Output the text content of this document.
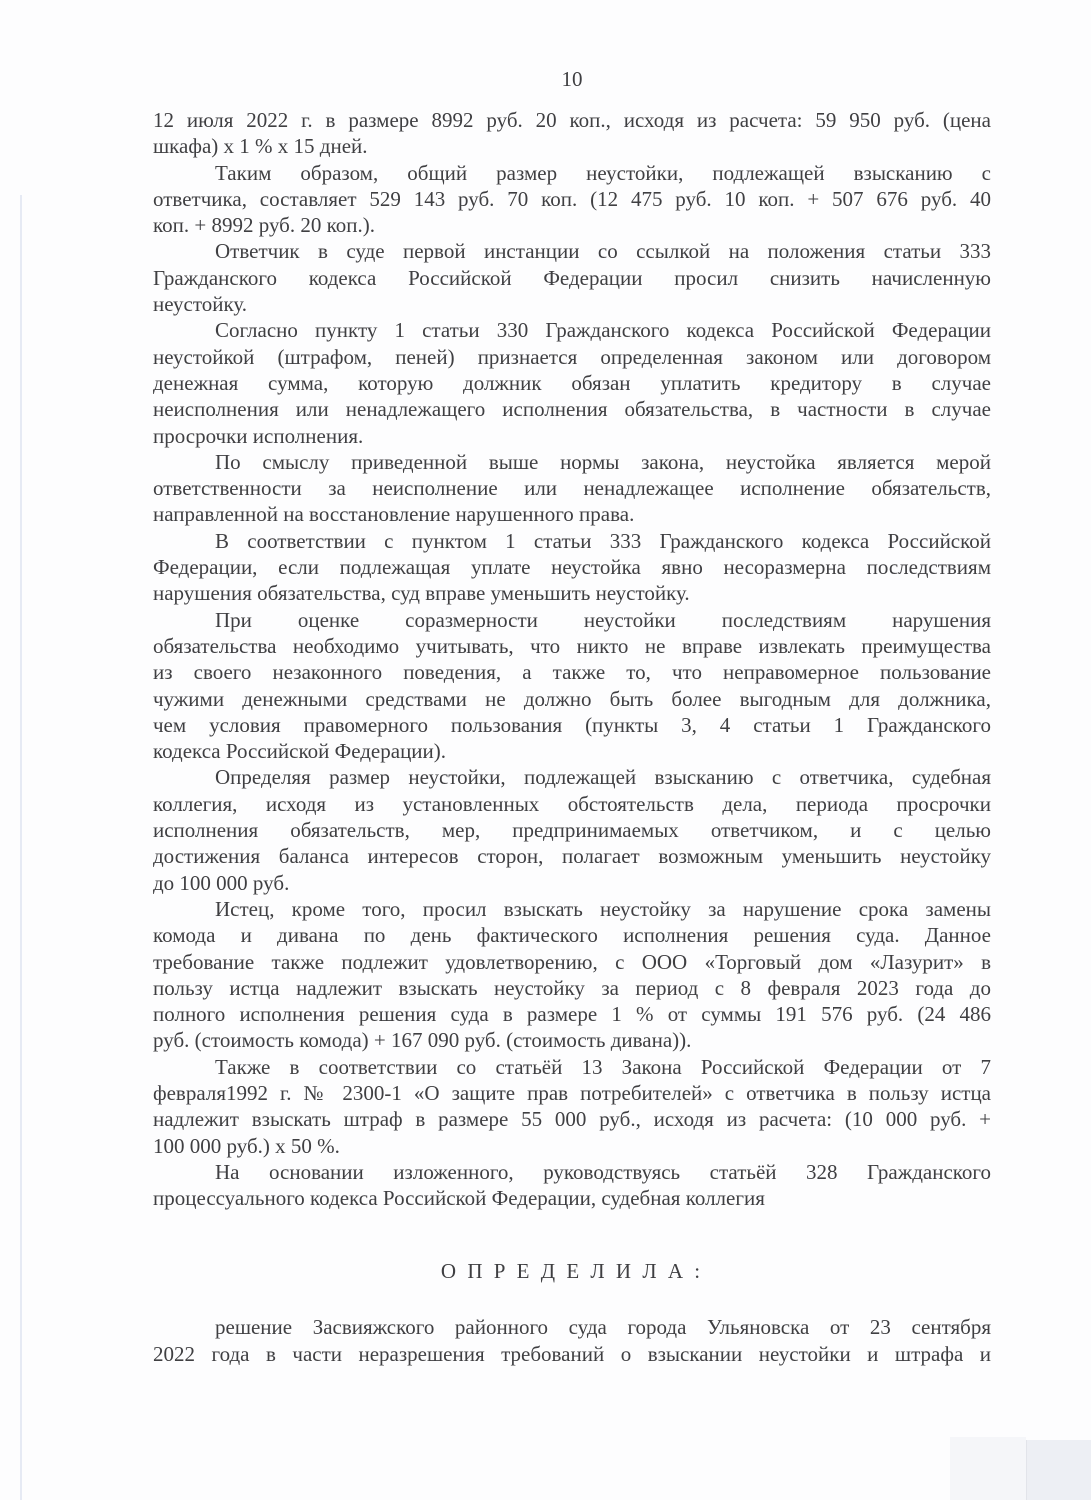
10
12 июля 2022 г. в размере 8992 руб. 20 коп., исходя из расчета: 59 950 руб. (цена
шкафа) х 1 % х 15 дней.
Таким образом, общий размер неустойки, подлежащей взысканию с
ответчика, составляет 529 143 руб. 70 коп. (12 475 руб. 10 коп. + 507 676 руб. 40
коп. + 8992 руб. 20 коп.).
Ответчик в суде первой инстанции со ссылкой на положения статьи 333
Гражданского кодекса Российской Федерации просил снизить начисленную
неустойку.
Согласно пункту 1 статьи 330 Гражданского кодекса Российской Федерации
неустойкой (штрафом, пеней) признается определенная законом или договором
денежная сумма, которую должник обязан уплатить кредитору в случае
неисполнения или ненадлежащего исполнения обязательства, в частности в случае
просрочки исполнения.
По смыслу приведенной выше нормы закона, неустойка является мерой
ответственности за неисполнение или ненадлежащее исполнение обязательств,
направленной на восстановление нарушенного права.
В соответствии с пунктом 1 статьи 333 Гражданского кодекса Российской
Федерации, если подлежащая уплате неустойка явно несоразмерна последствиям
нарушения обязательства, суд вправе уменьшить неустойку.
При оценке соразмерности неустойки последствиям нарушения
обязательства необходимо учитывать, что никто не вправе извлекать преимущества
из своего незаконного поведения, а также то, что неправомерное пользование
чужими денежными средствами не должно быть более выгодным для должника,
чем условия правомерного пользования (пункты 3, 4 статьи 1 Гражданского
кодекса Российской Федерации).
Определяя размер неустойки, подлежащей взысканию с ответчика, судебная
коллегия, исходя из установленных обстоятельств дела, периода просрочки
исполнения обязательств, мер, предпринимаемых ответчиком, и с целью
достижения баланса интересов сторон, полагает возможным уменьшить неустойку
до 100 000 руб.
Истец, кроме того, просил взыскать неустойку за нарушение срока замены
комода и дивана по день фактического исполнения решения суда. Данное
требование также подлежит удовлетворению, с ООО «Торговый дом «Лазурит» в
пользу истца надлежит взыскать неустойку за период с 8 февраля 2023 года до
полного исполнения решения суда в размере 1 % от суммы 191 576 руб. (24 486
руб. (стоимость комода) + 167 090 руб. (стоимость дивана)).
Также в соответствии со статьёй 13 Закона Российской Федерации от 7
февраля1992 г. № 2300-1 «О защите прав потребителей» с ответчика в пользу истца
надлежит взыскать штраф в размере 55 000 руб., исходя из расчета: (10 000 руб. +
100 000 руб.) х 50 %.
На основании изложенного, руководствуясь статьёй 328 Гражданского
процессуального кодекса Российской Федерации, судебная коллегия
О П Р Е Д Е Л И Л А :
решение Засвияжского районного суда города Ульяновска от 23 сентября
2022 года в части неразрешения требований о взыскании неустойки и штрафа и
